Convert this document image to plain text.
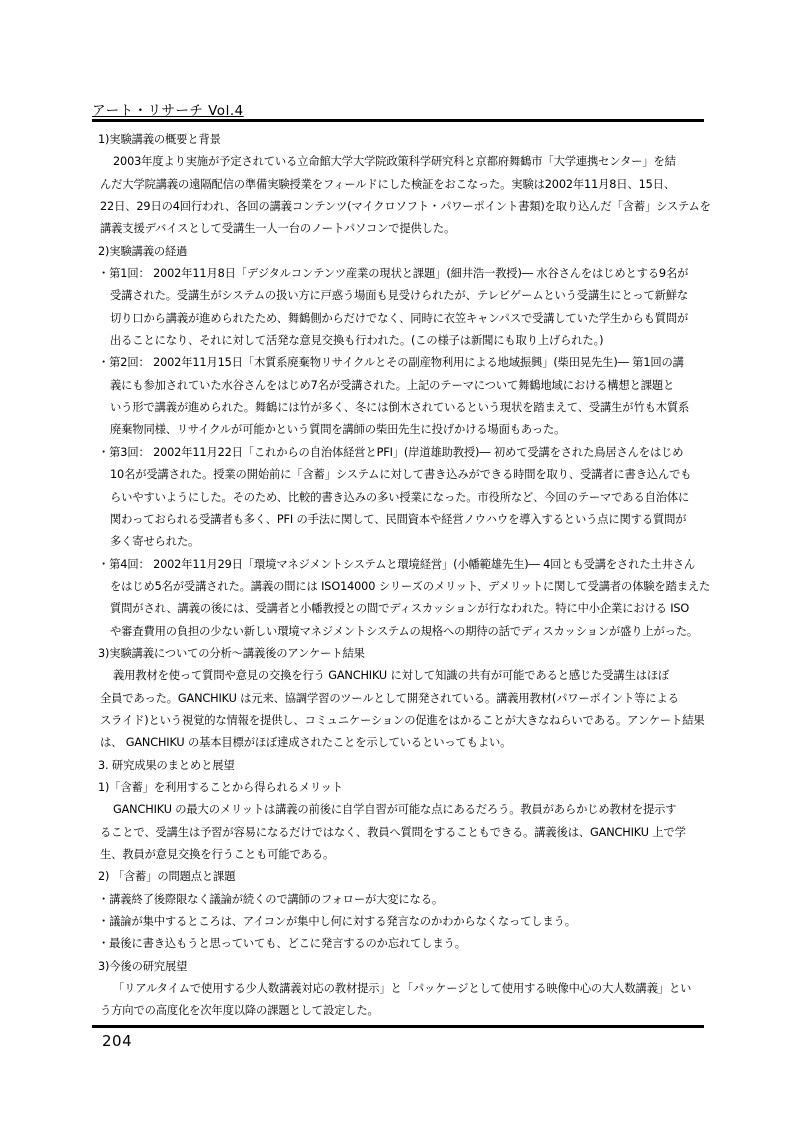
アート・リサーチ Vol.4
1)実験講義の概要と背景
2003年度より実施が予定されている立命館大学大学院政策科学研究科と京都府舞鶴市「大学連携センター」を結
んだ大学院講義の遠隔配信の準備実験授業をフィールドにした検証をおこなった。実験は2002年11月8日、15日、
22日、29日の4回行われ、各回の講義コンテンツ(マイクロソフト・パワーポイント書類)を取り込んだ「含蓄」システムを
講義支援デバイスとして受講生一人一台のノートパソコンで提供した。
2)実験講義の経過
・第1回： 2002年11月8日「デジタルコンテンツ産業の現状と課題」(細井浩一教授)― 水谷さんをはじめとする9名が
受講された。受講生がシステムの扱い方に戸惑う場面も見受けられたが、テレビゲームという受講生にとって新鮮な
切り口から講義が進められたため、舞鶴側からだけでなく、同時に衣笠キャンパスで受講していた学生からも質問が
出ることになり、それに対して活発な意見交換も行われた。(この様子は新聞にも取り上げられた。)
・第2回： 2002年11月15日「木質系廃棄物リサイクルとその副産物利用による地域振興」(柴田晃先生)― 第1回の講
義にも参加されていた水谷さんをはじめ7名が受講された。上記のテーマについて舞鶴地域における構想と課題と
いう形で講義が進められた。舞鶴には竹が多く、冬には倒木されているという現状を踏まえて、受講生が竹も木質系
廃棄物同様、リサイクルが可能かという質問を講師の柴田先生に投げかける場面もあった。
・第3回： 2002年11月22日「これからの自治体経営とPFI」(岸道雄助教授)― 初めて受講をされた鳥居さんをはじめ
10名が受講された。授業の開始前に「含蓄」システムに対して書き込みができる時間を取り、受講者に書き込んでも
らいやすいようにした。そのため、比較的書き込みの多い授業になった。市役所など、今回のテーマである自治体に
関わっておられる受講者も多く、PFI の手法に関して、民間資本や経営ノウハウを導入するという点に関する質問が
多く寄せられた。
・第4回： 2002年11月29日「環境マネジメントシステムと環境経営」(小幡範雄先生)― 4回とも受講をされた土井さん
をはじめ5名が受講された。講義の間には ISO14000 シリーズのメリット、デメリットに関して受講者の体験を踏まえた
質問がされ、講義の後には、受講者と小幡教授との間でディスカッションが行なわれた。特に中小企業における ISO
や審査費用の負担の少ない新しい環境マネジメントシステムの規格への期待の話でディスカッションが盛り上がった。
3)実験講義についての分析～講義後のアンケート結果
義用教材を使って質問や意見の交換を行う GANCHIKU に対して知識の共有が可能であると感じた受講生はほぼ
全員であった。GANCHIKU は元来、協調学習のツールとして開発されている。講義用教材(パワーポイント等による
スライド)という視覚的な情報を提供し、コミュニケーションの促進をはかることが大きなねらいである。アンケート結果
は、 GANCHIKU の基本目標がほぼ達成されたことを示しているといってもよい。
3. 研究成果のまとめと展望
1)「含蓄」を利用することから得られるメリット
GANCHIKU の最大のメリットは講義の前後に自学自習が可能な点にあるだろう。教員があらかじめ教材を提示す
ることで、受講生は予習が容易になるだけではなく、教員へ質問をすることもできる。講義後は、GANCHIKU 上で学
生、教員が意見交換を行うことも可能である。
2) 「含蓄」の問題点と課題
・講義終了後際限なく議論が続くので講師のフォローが大変になる。
・議論が集中するところは、アイコンが集中し何に対する発言なのかわからなくなってしまう。
・最後に書き込もうと思っていても、どこに発言するのか忘れてしまう。
3)今後の研究展望
「リアルタイムで使用する少人数講義対応の教材提示」と「パッケージとして使用する映像中心の大人数講義」とい
う方向での高度化を次年度以降の課題として設定した。
204
